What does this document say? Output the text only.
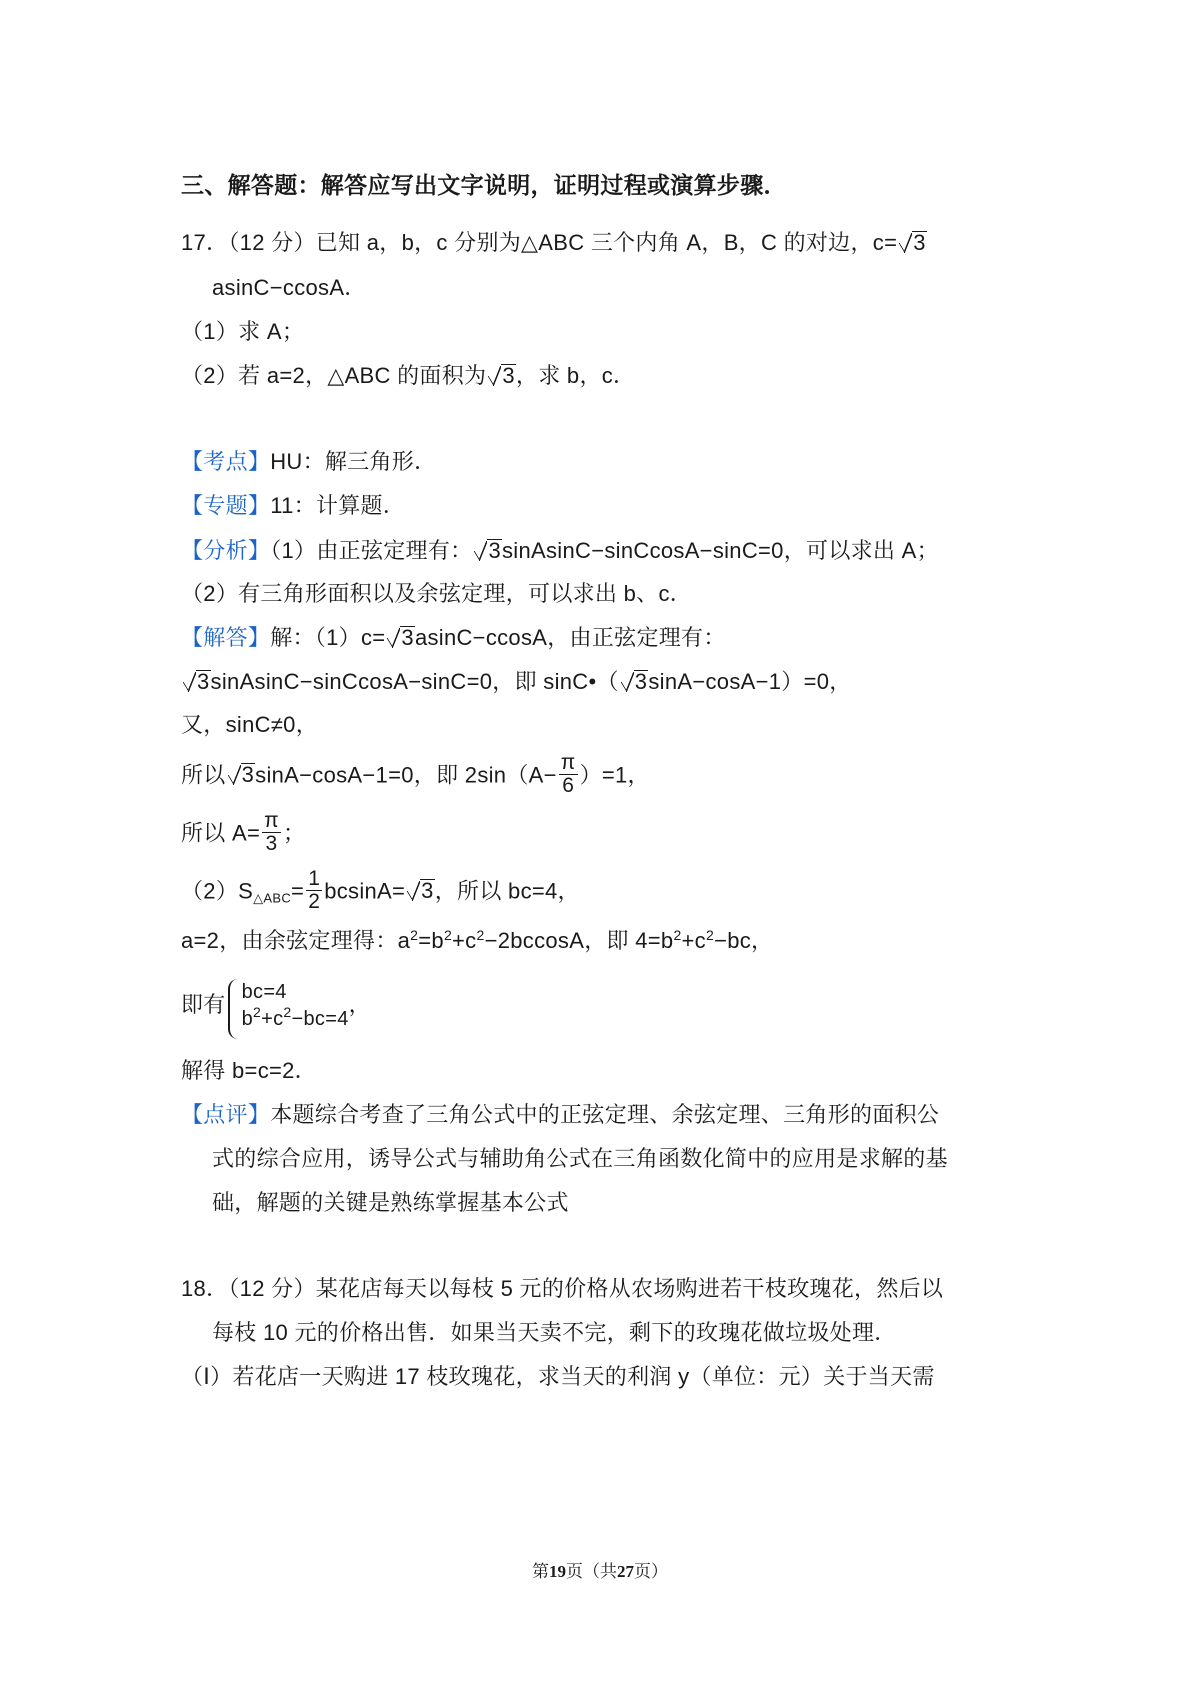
三、解答题：解答应写出文字说明，证明过程或演算步骤．
17．（12 分）已知 a，b，c 分别为△ABC 三个内角 A，B，C 的对边，c= 3
asinC−ccosA．
（1）求 A；
（2）若 a=2，△ABC 的面积为 3，求 b，c．
【考点】HU：解三角形．
【专题】11：计算题．
【分析】（1）由正弦定理有： 3sinAsinC−sinCcosA−sinC=0，可以求出 A；
（2）有三角形面积以及余弦定理，可以求出 b、c．
【解答】解：（1）c= 3asinC−ccosA，由正弦定理有：
3sinAsinC−sinCcosA−sinC=0，即 sinC•（ 3sinA−cosA−1）=0，
又，sinC≠0，
所以 3sinA−cosA−1=0，即 $2\sin(A- \frac{\pi}{6} )=1$，
所以 $A= \frac{\pi}{3}$ ；
$(2)S_{\triangle ABC}= \frac{1}{2} bcsinA= 3$，所以 bc=4，
a=2，由余弦定理得：$a^2=b^2+c^2-2bccosA$，即 $4=b^2+c^2-bc$，
即有 bc=4
$b^2+c^2-bc=4$
，
解得 b=c=2．
【点评】本题综合考查了三角公式中的正弦定理、余弦定理、三角形的面积公
式的综合应用，诱导公式与辅助角公式在三角函数化简中的应用是求解的基
础，解题的关键是熟练掌握基本公式
18．（12 分）某花店每天以每枝 5 元的价格从农场购进若干枝玫瑰花，然后以
每枝 10 元的价格出售．如果当天卖不完，剩下的玫瑰花做垃圾处理．
（Ⅰ）若花店一天购进 17 枝玫瑰花，求当天的利润 y（单位：元）关于当天需
第19页（共27页）
